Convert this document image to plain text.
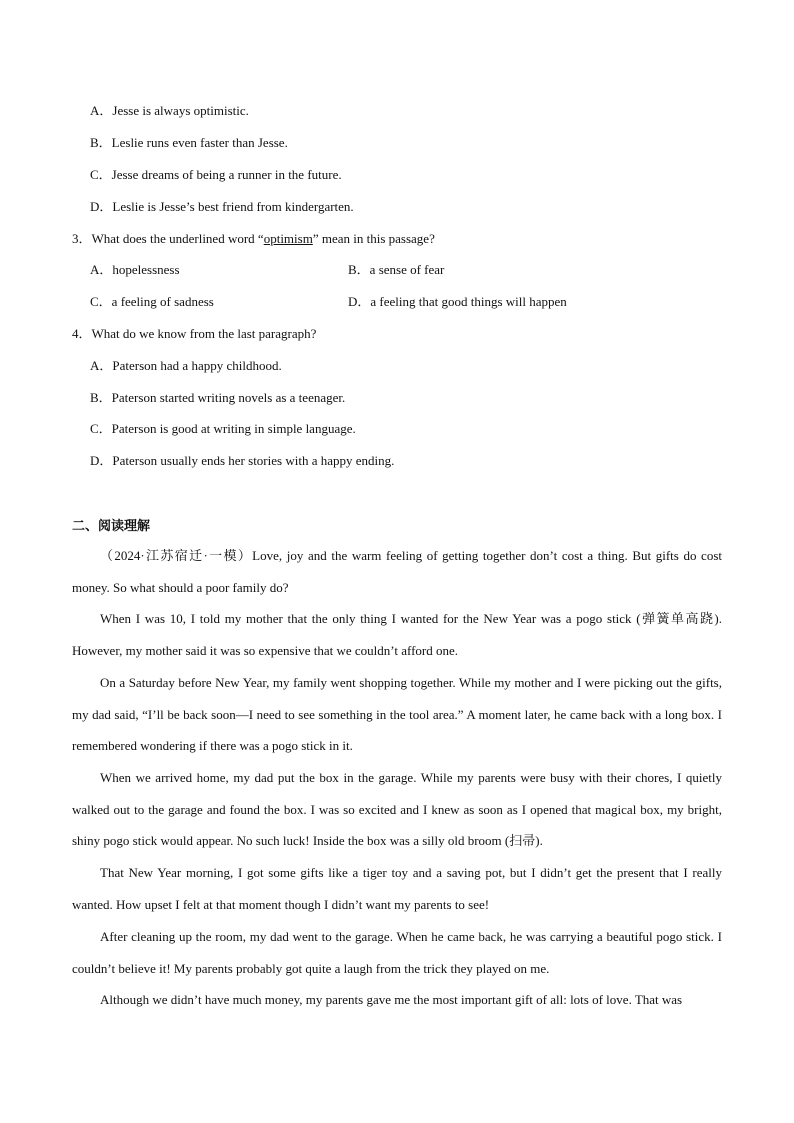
A．Jesse is always optimistic.
B．Leslie runs even faster than Jesse.
C．Jesse dreams of being a runner in the future.
D．Leslie is Jesse’s best friend from kindergarten.
3．What does the underlined word “optimism” mean in this passage?
A．hopelessness	B．a sense of fear
C．a feeling of sadness	D．a feeling that good things will happen
4．What do we know from the last paragraph?
A．Paterson had a happy childhood.
B．Paterson started writing novels as a teenager.
C．Paterson is good at writing in simple language.
D．Paterson usually ends her stories with a happy ending.
二、阅读理解
（2024·江苏宿迁·一模）Love, joy and the warm feeling of getting together don’t cost a thing. But gifts do cost money. So what should a poor family do?
When I was 10, I told my mother that the only thing I wanted for the New Year was a pogo stick (弹簧单高跷). However, my mother said it was so expensive that we couldn’t afford one.
On a Saturday before New Year, my family went shopping together. While my mother and I were picking out the gifts, my dad said, “I’ll be back soon—I need to see something in the tool area.” A moment later, he came back with a long box. I remembered wondering if there was a pogo stick in it.
When we arrived home, my dad put the box in the garage. While my parents were busy with their chores, I quietly walked out to the garage and found the box. I was so excited and I knew as soon as I opened that magical box, my bright, shiny pogo stick would appear. No such luck! Inside the box was a silly old broom (扫帚).
That New Year morning, I got some gifts like a tiger toy and a saving pot, but I didn’t get the present that I really wanted. How upset I felt at that moment though I didn’t want my parents to see!
After cleaning up the room, my dad went to the garage. When he came back, he was carrying a beautiful pogo stick. I couldn’t believe it! My parents probably got quite a laugh from the trick they played on me.
Although we didn’t have much money, my parents gave me the most important gift of all: lots of love. That was
